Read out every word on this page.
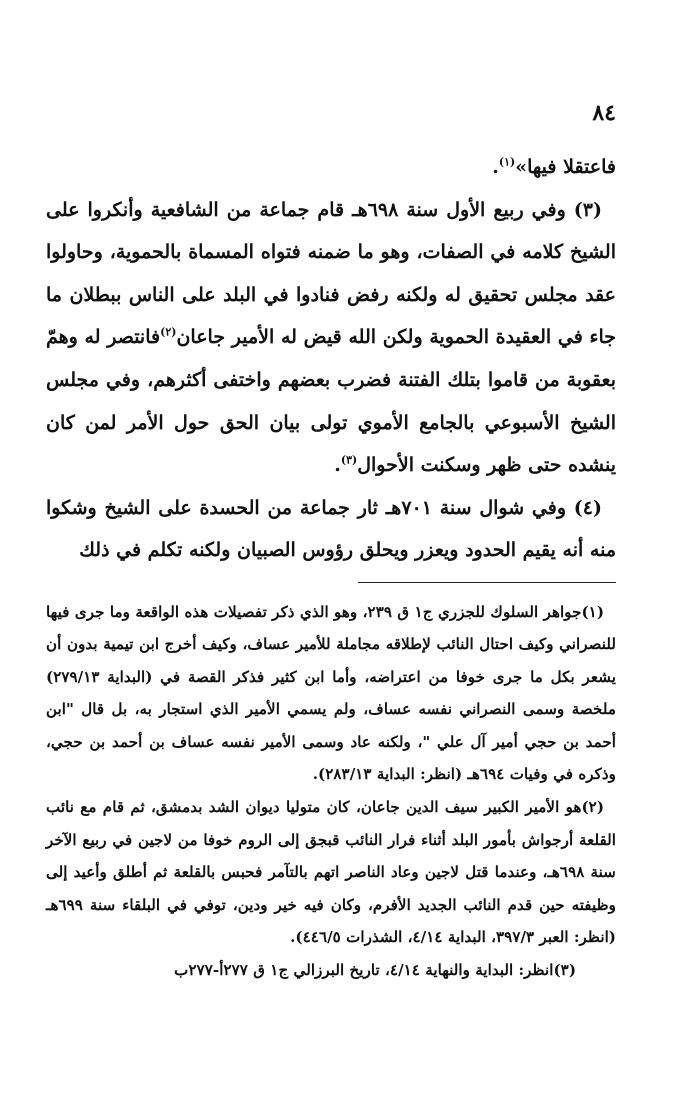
٨٤

فاعتقلا فيها»$^{(١)}$.

(٣) وفي ربيع الأول سنة ٦٩٨هـ قام جماعة من الشافعية وأنكروا على الشيخ كلامه في الصفات، وهو ما ضمنه فتواه المسماة بالحموية، وحاولوا عقد مجلس تحقيق له ولكنه رفض فنادوا في البلد على الناس ببطلان ما جاء في العقيدة الحموية ولكن الله قيض له الأمير جاعان$^{(٢)}$فانتصر له وهمّ بعقوبة من قاموا بتلك الفتنة فضرب بعضهم واختفى أكثرهم، وفي مجلس الشيخ الأسبوعي بالجامع الأموي تولى بيان الحق حول الأمر لمن كان ينشده حتى ظهر وسكنت الأحوال$^{(٣)}$.

(٤) وفي شوال سنة ٧٠١هـ ثار جماعة من الحسدة على الشيخ وشكوا منه أنه يقيم الحدود ويعزر ويحلق رؤوس الصبيان ولكنه تكلم في ذلك

(١)جواهر السلوك للجزري ج١ ق ٢٣٩، وهو الذي ذكر تفصيلات هذه الواقعة وما جرى فيها للنصراني وكيف احتال النائب لإطلاقه مجاملة للأمير عساف، وكيف أخرج ابن تيمية بدون أن يشعر بكل ما جرى خوفا من اعتراضه، وأما ابن كثير فذكر القصة في (البداية ٢٧٩/١٣) ملخصة وسمى النصراني نفسه عساف، ولم يسمي الأمير الذي استجار به، بل قال "ابن أحمد بن حجي أمير آل علي "، ولكنه عاد وسمى الأمير نفسه عساف بن أحمد بن حجي، وذكره في وفيات ٦٩٤هـ (انظر: البداية ٢٨٣/١٣).

(٢)هو الأمير الكبير سيف الدين جاعان، كان متوليا ديوان الشد بدمشق، ثم قام مع نائب القلعة أرجواش بأمور البلد أثناء فرار النائب قبجق إلى الروم خوفا من لاجين في ربيع الآخر سنة ٦٩٨هـ، وعندما قتل لاجين وعاد الناصر اتهم بالتآمر فحبس بالقلعة ثم أطلق وأعيد إلى وظيفته حين قدم النائب الجديد الأفرم، وكان فيه خير ودين، توفي في البلقاء سنة ٦٩٩هـ (انظر: العبر ٣٩٧/٣، البداية ٤/١٤، الشذرات ٤٤٦/٥).

(٣)انظر: البداية والنهاية ٤/١٤، تاريخ البرزالي ج١ ق ٢٧٧أ-٢٧٧ب
